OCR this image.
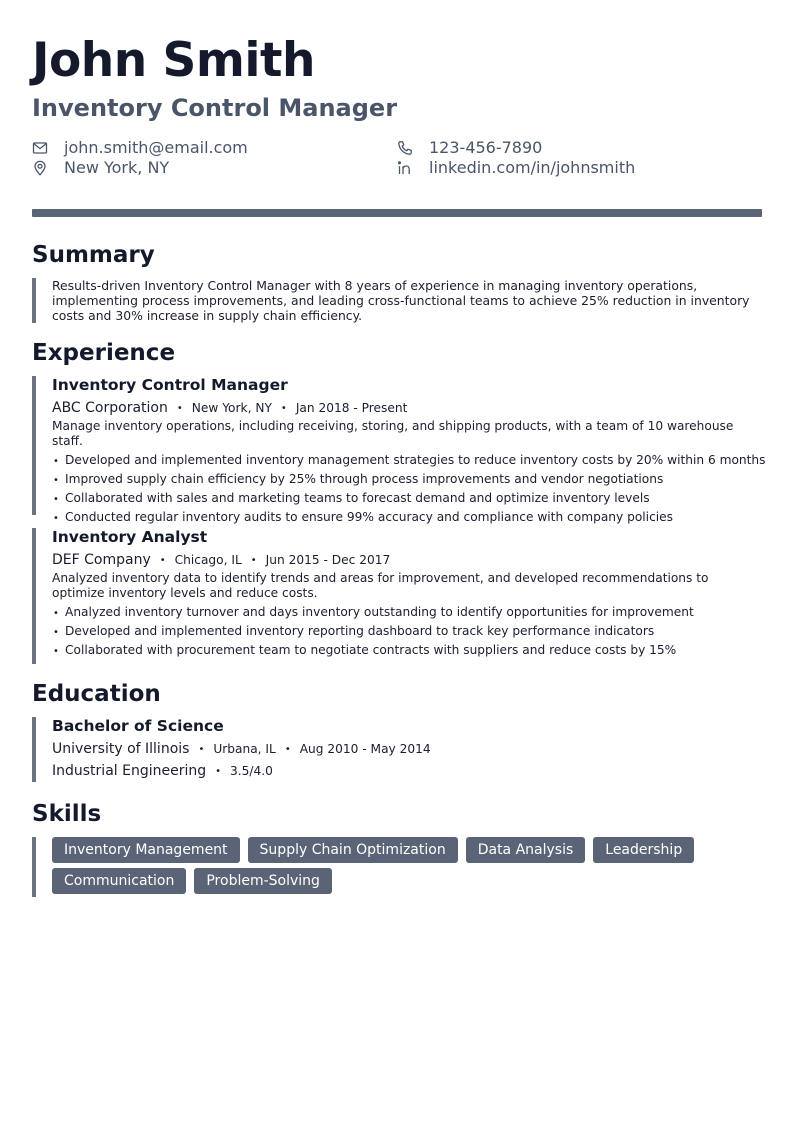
John Smith
Inventory Control Manager
john.smith@email.com	123-456-7890
New York, NY	linkedin.com/in/johnsmith
Summary

Results-driven Inventory Control Manager with 8 years of experience in managing inventory operations, implementing process improvements, and leading cross-functional teams to achieve 25% reduction in inventory costs and 30% increase in supply chain efficiency.

Experience
Inventory Control Manager
ABC Corporation • New York, NY • Jan 2018 - Present

Manage inventory operations, including receiving, storing, and shipping products, with a team of 10 warehouse staff.

• Developed and implemented inventory management strategies to reduce inventory costs by 20% within 6 months
• Improved supply chain efficiency by 25% through process improvements and vendor negotiations
• Collaborated with sales and marketing teams to forecast demand and optimize inventory levels
• Conducted regular inventory audits to ensure 99% accuracy and compliance with company policies
Inventory Analyst
DEF Company • Chicago, IL • Jun 2015 - Dec 2017

Analyzed inventory data to identify trends and areas for improvement, and developed recommendations to optimize inventory levels and reduce costs.

• Analyzed inventory turnover and days inventory outstanding to identify opportunities for improvement
• Developed and implemented inventory reporting dashboard to track key performance indicators
• Collaborated with procurement team to negotiate contracts with suppliers and reduce costs by 15%
Education
Bachelor of Science
University of Illinois • Urbana, IL • Aug 2010 - May 2014
Industrial Engineering • 3.5/4.0
Skills
Inventory Management	Supply Chain Optimization	Data Analysis	Leadership
Communication	Problem-Solving
